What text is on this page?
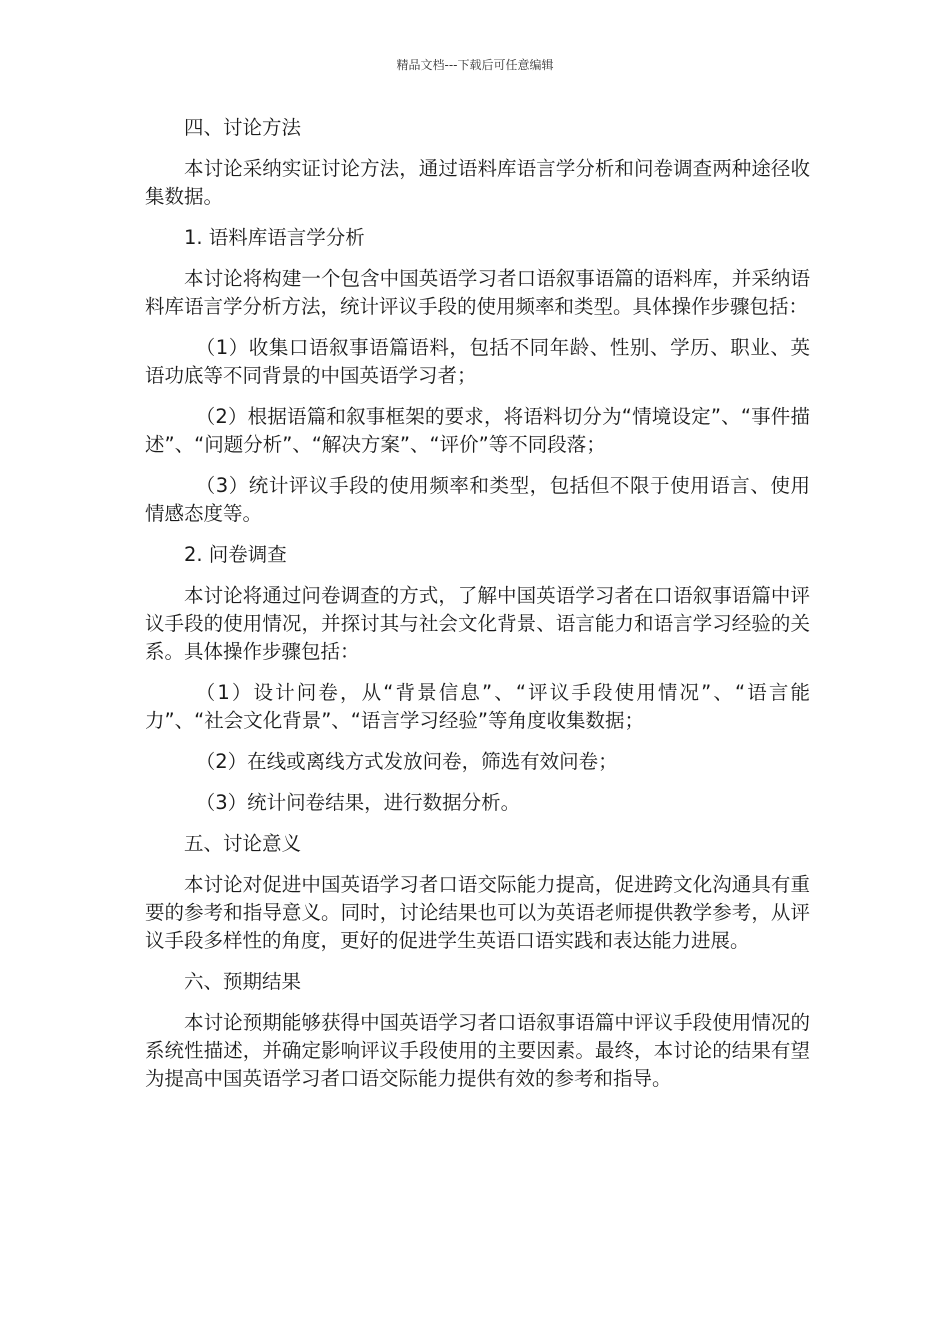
精品文档---下载后可任意编辑

四、讨论方法

本讨论采纳实证讨论方法，通过语料库语言学分析和问卷调查两种途径收集数据。

1. 语料库语言学分析

本讨论将构建一个包含中国英语学习者口语叙事语篇的语料库，并采纳语料库语言学分析方法，统计评议手段的使用频率和类型。具体操作步骤包括：

（1）收集口语叙事语篇语料，包括不同年龄、性别、学历、职业、英语功底等不同背景的中国英语学习者；

（2）根据语篇和叙事框架的要求，将语料切分为“情境设定”、“事件描述”、“问题分析”、“解决方案”、“评价”等不同段落；

（3）统计评议手段的使用频率和类型，包括但不限于使用语言、使用情感态度等。

2. 问卷调查

本讨论将通过问卷调查的方式，了解中国英语学习者在口语叙事语篇中评议手段的使用情况，并探讨其与社会文化背景、语言能力和语言学习经验的关系。具体操作步骤包括：

（1）设计问卷，从“背景信息”、“评议手段使用情况”、“语言能力”、“社会文化背景”、“语言学习经验”等角度收集数据；

（2）在线或离线方式发放问卷，筛选有效问卷；

（3）统计问卷结果，进行数据分析。

五、讨论意义

本讨论对促进中国英语学习者口语交际能力提高，促进跨文化沟通具有重要的参考和指导意义。同时，讨论结果也可以为英语老师提供教学参考，从评议手段多样性的角度，更好的促进学生英语口语实践和表达能力进展。

六、预期结果

本讨论预期能够获得中国英语学习者口语叙事语篇中评议手段使用情况的系统性描述，并确定影响评议手段使用的主要因素。最终，本讨论的结果有望为提高中国英语学习者口语交际能力提供有效的参考和指导。
